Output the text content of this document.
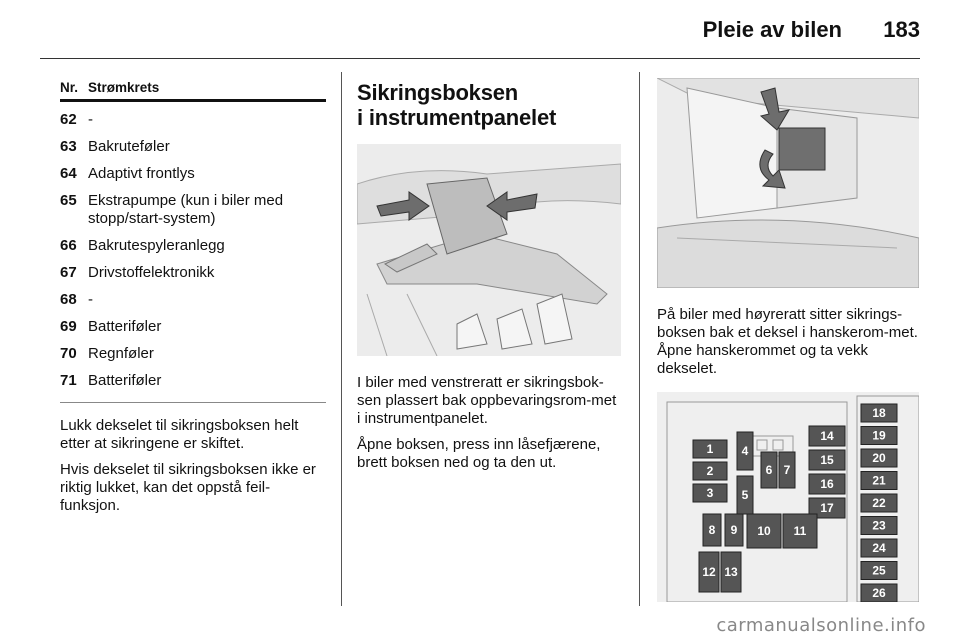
Pleie av bilen 183
Nr. Strømkrets
62 -
63 Bakruteføler
64 Adaptivt frontlys
65 Ekstrapumpe (kun i biler med stopp/start-system)
66 Bakrutespyleranlegg
67 Drivstoffelektronikk
68 -
69 Batteriføler
70 Regnføler
71 Batteriføler
Lukk dekselet til sikringsboksen helt etter at sikringene er skiftet.
Hvis dekselet til sikringsboksen ikke er riktig lukket, kan det oppstå feil-funksjon.
Sikringsboksen
i instrumentpanelet
I biler med venstreratt er sikringsbok-sen plassert bak oppbevaringsrom-met i instrumentpanelet.
Åpne boksen, press inn låsefjærene, brett boksen ned og ta den ut.
På biler med høyreratt sitter sikrings-boksen bak et deksel i hanskerom-met. Åpne hanskerommet og ta vekk dekselet.
1
2
3
4
5
6 7
14
15
16
17
18
19
20
21
22
23
24
25
26
8 9 10 11
12 13
carmanualsonline.info
